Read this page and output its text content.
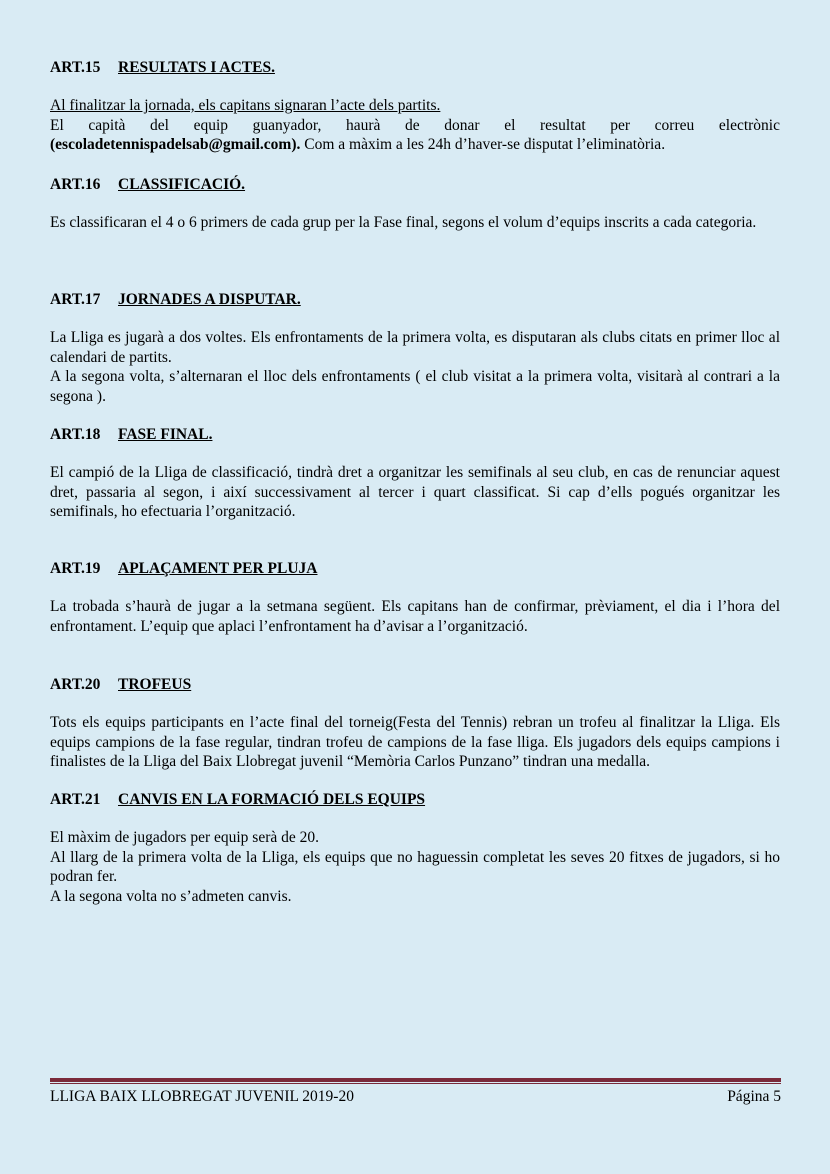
ART.15 RESULTATS I ACTES.

Al finalitzar la jornada, els capitans signaran l’acte dels partits.
El capità del equip guanyador, haurà de donar el resultat per correu electrònic (escoladetennispadelsab@gmail.com). Com a màxim a les 24h d’haver-se disputat l’eliminatòria.

ART.16 CLASSIFICACIÓ.

Es classificaran el 4 o 6 primers de cada grup per la Fase final, segons el volum d’equips inscrits a cada categoria.

ART.17 JORNADES A DISPUTAR.

La Lliga es jugarà a dos voltes. Els enfrontaments de la primera volta, es disputaran als clubs citats en primer lloc al calendari de partits.

A la segona volta, s’alternaran el lloc dels enfrontaments ( el club visitat a la primera volta, visitarà al contrari a la segona ).

ART.18 FASE FINAL.

El campió de la Lliga de classificació, tindrà dret a organitzar les semifinals al seu club, en cas de renunciar aquest dret, passaria al segon, i així successivament al tercer i quart classificat. Si cap d’ells pogués organitzar les semifinals, ho efectuaria l’organització.

ART.19 APLAÇAMENT PER PLUJA

La trobada s’haurà de jugar a la setmana següent. Els capitans han de confirmar, prèviament, el dia i l’hora del enfrontament. L’equip que aplaci l’enfrontament ha d’avisar a l’organització.

ART.20 TROFEUS

Tots els equips participants en l’acte final del torneig(Festa del Tennis) rebran un trofeu al finalitzar la Lliga. Els equips campions de la fase regular, tindran trofeu de campions de la fase lliga. Els jugadors dels equips campions i finalistes de la Lliga del Baix Llobregat juvenil “Memòria Carlos Punzano” tindran una medalla.

ART.21 CANVIS EN LA FORMACIÓ DELS EQUIPS

El màxim de jugadors per equip serà de 20.

Al llarg de la primera volta de la Lliga, els equips que no haguessin completat les seves 20 fitxes de jugadors, si ho podran fer.

A la segona volta no s’admeten canvis.

LLIGA BAIX LLOBREGAT JUVENIL 2019-20	Página 5
